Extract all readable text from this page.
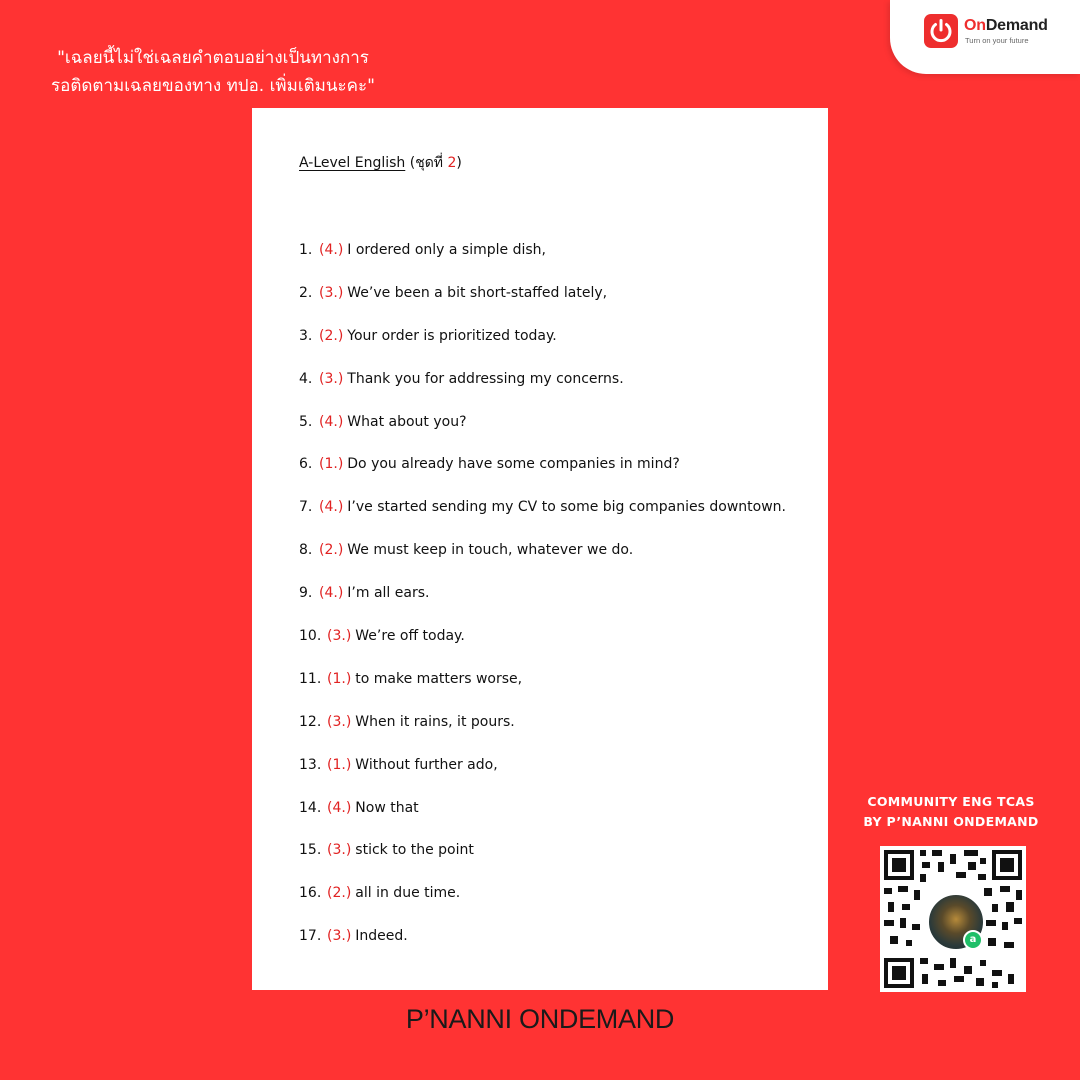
OnDemand
Turn on your future
"เฉลยนี้ไม่ใช่เฉลยคำตอบอย่างเป็นทางการ
รอติดตามเฉลยของทาง ทปอ. เพิ่มเติมนะคะ"
A-Level English (ชุดที่ 2)
1. (4.) I ordered only a simple dish,
2. (3.) We’ve been a bit short-staffed lately,
3. (2.) Your order is prioritized today.
4. (3.) Thank you for addressing my concerns.
5. (4.) What about you?
6. (1.) Do you already have some companies in mind?
7. (4.) I’ve started sending my CV to some big companies downtown.
8. (2.) We must keep in touch, whatever we do.
9. (4.) I’m all ears.
10. (3.) We’re off today.
11. (1.) to make matters worse,
12. (3.) When it rains, it pours.
13. (1.) Without further ado,
14. (4.) Now that
15. (3.) stick to the point
16. (2.) all in due time.
17. (3.) Indeed.
COMMUNITY ENG TCAS
BY P’NANNI ONDEMAND
a
P’NANNI ONDEMAND
